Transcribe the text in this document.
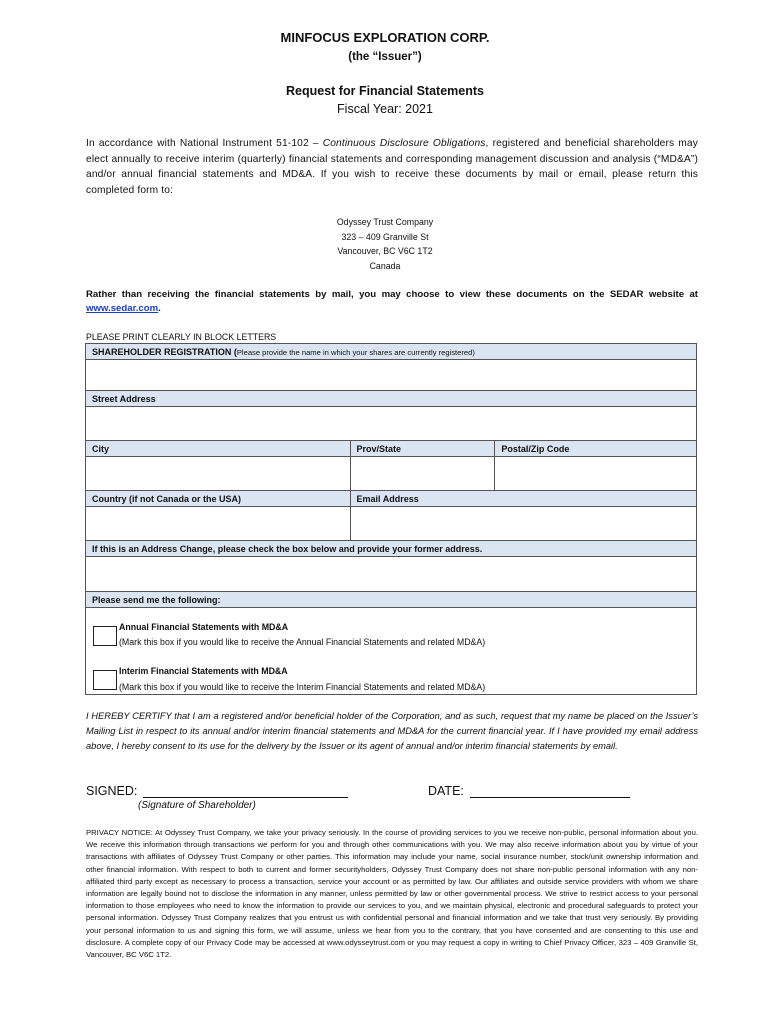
MINFOCUS EXPLORATION CORP.
(the “Issuer”)
Request for Financial Statements
Fiscal Year: 2021
In accordance with National Instrument 51-102 – Continuous Disclosure Obligations, registered and beneficial shareholders may elect annually to receive interim (quarterly) financial statements and corresponding management discussion and analysis (“MD&A”) and/or annual financial statements and MD&A. If you wish to receive these documents by mail or email, please return this completed form to:
Odyssey Trust Company
323 – 409 Granville St
Vancouver, BC V6C 1T2
Canada
Rather than receiving the financial statements by mail, you may choose to view these documents on the SEDAR website at www.sedar.com.
PLEASE PRINT CLEARLY IN BLOCK LETTERS
SHAREHOLDER REGISTRATION (Please provide the name in which your shares are currently registered)		

Street Address		

City	Prov/State	Postal/Zip Code

Country (if not Canada or the USA)	Email Address	

If this is an Address Change, please check the box below and provide your former address.		

Please send me the following:		

Annual Financial Statements with MD&A
(Mark this box if you would like to receive the Annual Financial Statements and related MD&A)
Interim Financial Statements with MD&A
(Mark this box if you would like to receive the Interim Financial Statements and related MD&A)		
I HEREBY CERTIFY that I am a registered and/or beneficial holder of the Corporation, and as such, request that my name be placed on the Issuer’s Mailing List in respect to its annual and/or interim financial statements and MD&A for the current financial year. If I have provided my email address above, I hereby consent to its use for the delivery by the Issuer or its agent of annual and/or interim financial statements by email.
SIGNED:
(Signature of Shareholder)
DATE:
PRIVACY NOTICE: At Odyssey Trust Company, we take your privacy seriously. In the course of providing services to you we receive non-public, personal information about you. We receive this information through transactions we perform for you and through other communications with you. We may also receive information about you by virtue of your transactions with affiliates of Odyssey Trust Company or other parties. This information may include your name, social insurance number, stock/unit ownership information and other financial information. With respect to both to current and former securityholders, Odyssey Trust Company does not share non-public personal information with any non-affiliated third party except as necessary to process a transaction, service your account or as permitted by law. Our affiliates and outside service providers with whom we share information are legally bound not to disclose the information in any manner, unless permitted by law or other governmental process. We strive to restrict access to your personal information to those employees who need to know the information to provide our services to you, and we maintain physical, electronic and procedural safeguards to protect your personal information. Odyssey Trust Company realizes that you entrust us with confidential personal and financial information and we take that trust very seriously. By providing your personal information to us and signing this form, we will assume, unless we hear from you to the contrary, that you have consented and are consenting to this use and disclosure. A complete copy of our Privacy Code may be accessed at www.odysseytrust.com or you may request a copy in writing to Chief Privacy Officer, 323 – 409 Granville St, Vancouver, BC V6C 1T2.
